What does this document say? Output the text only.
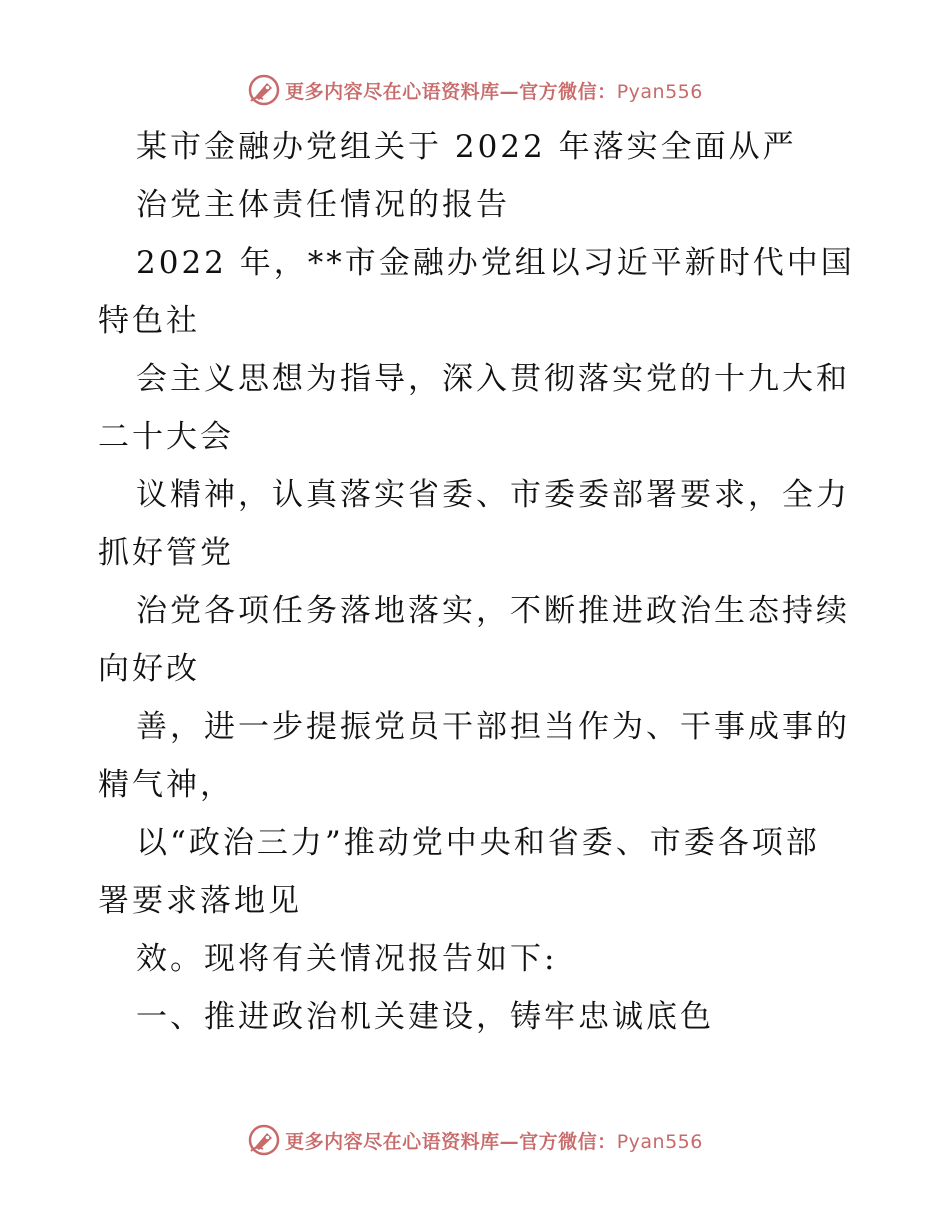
更多内容尽在心语资料库—官方微信：Pyan556
某市金融办党组关于 2022 年落实全面从严
治党主体责任情况的报告
2022 年，**市金融办党组以习近平新时代中国
特色社
会主义思想为指导，深入贯彻落实党的十九大和
二十大会
议精神，认真落实省委、市委委部署要求，全力
抓好管党
治党各项任务落地落实，不断推进政治生态持续
向好改
善，进一步提振党员干部担当作为、干事成事的
精气神，
以“政治三力”推动党中央和省委、市委各项部
署要求落地见
效。现将有关情况报告如下:
一、推进政治机关建设，铸牢忠诚底色
更多内容尽在心语资料库—官方微信：Pyan556
